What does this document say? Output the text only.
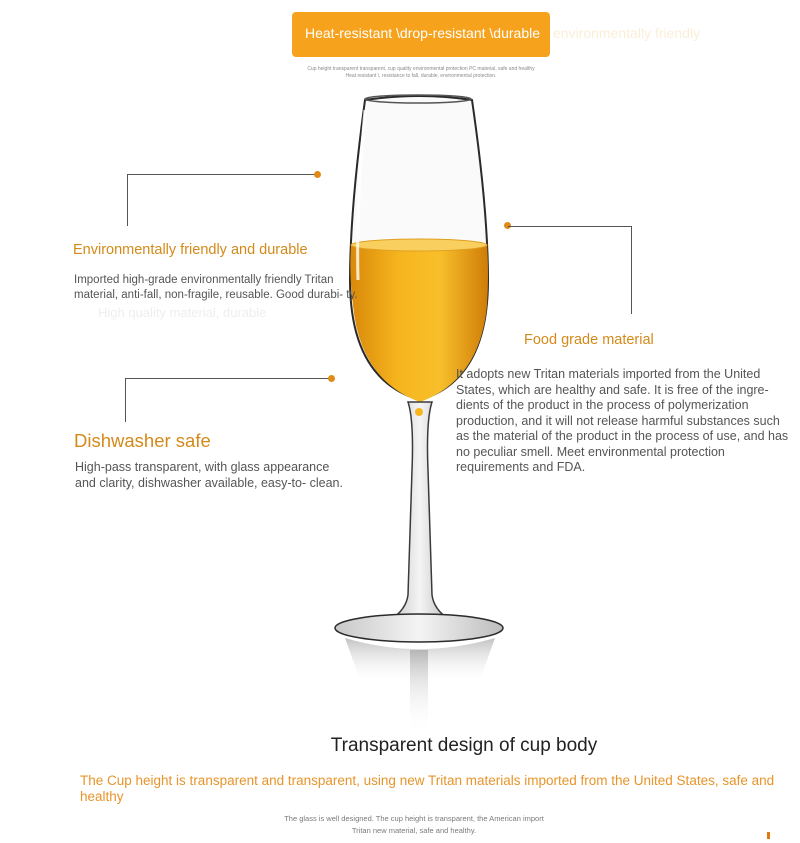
Heat-resistant \drop-resistant \durable environmentally friendly
Cup height transparent transparent, cup quality environmental protection PC material, safe and healthy
Heat resistant \, resistance to fall, durable, environmental protection.
Environmentally friendly and durable
Imported high-grade environmentally friendly Tritan material, anti-fall, non-fragile, reusable. Good durabi- ty.
High quality material, durable
Food grade material
It adopts new Tritan materials imported from the United States, which are healthy and safe. It is free of the ingre- dients of the product in the process of polymerization production, and it will not release harmful substances such as the material of the product in the process of use, and has no peculiar smell. Meet environmental protection requirements and FDA.
Dishwasher safe
High-pass transparent, with glass appearance and clarity, dishwasher available, easy-to- clean.
Transparent design of cup body
The Cup height is transparent and transparent, using new Tritan materials imported from the United States, safe and healthy
The glass is well designed. The cup height is transparent, the American import
Tritan new material, safe and healthy.
